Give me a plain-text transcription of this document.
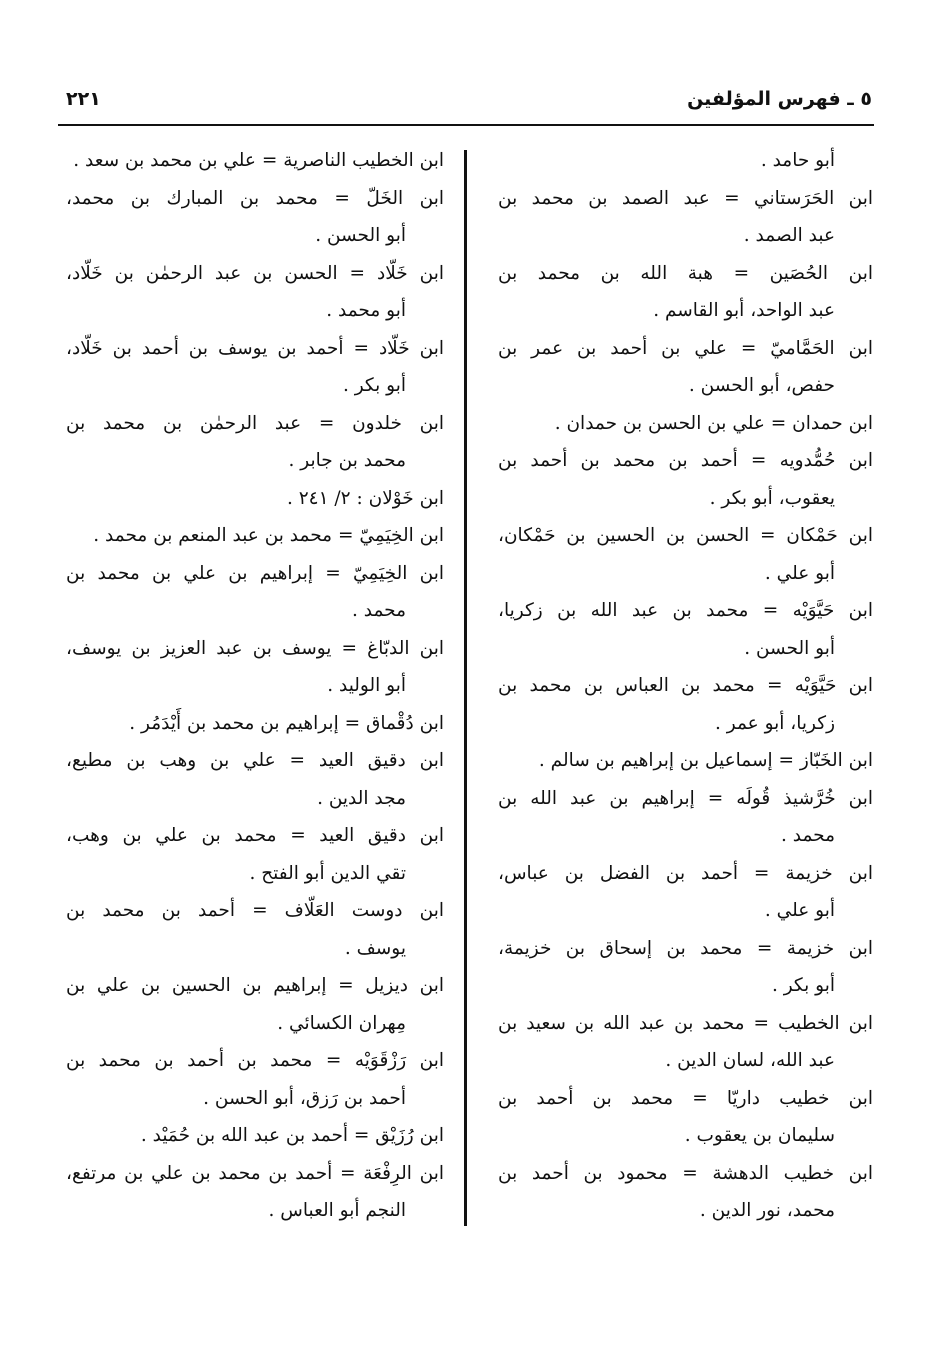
٥ ـ فهرس المؤلفين
٢٢١
أبو حامد .
ابن الحَرَستاني = عبد الصمد بن محمد بن
عبد الصمد .
ابن الحُصَين = هبة الله بن محمد بن
عبد الواحد، أبو القاسم .
ابن الحَمَّاميّ = علي بن أحمد بن عمر بن
حفص، أبو الحسن .
ابن حمدان = علي بن الحسن بن حمدان .
ابن حُمُّدويه = أحمد بن محمد بن أحمد بن
يعقوب، أبو بكر .
ابن حَمْكان = الحسن بن الحسين بن حَمْكان،
أبو علي .
ابن حَيَّوَيْه = محمد بن عبد الله بن زكريا،
أبو الحسن .
ابن حَيَّوَيْه = محمد بن العباس بن محمد بن
زكريا، أبو عمر .
ابن الخَبّاز = إسماعيل بن إبراهيم بن سالم .
ابن خُرَّشيذ قُولَه = إبراهيم بن عبد الله بن
محمد .
ابن خزيمة = أحمد بن الفضل بن عباس،
أبو علي .
ابن خزيمة = محمد بن إسحاق بن خزيمة،
أبو بكر .
ابن الخطيب = محمد بن عبد الله بن سعيد بن
عبد الله، لسان الدين .
ابن خطيب داريّا = محمد بن أحمد بن
سليمان بن يعقوب .
ابن خطيب الدهشة = محمود بن أحمد بن
محمد، نور الدين .
ابن الخطيب الناصرية = علي بن محمد بن سعد .
ابن الخَلّ = محمد بن المبارك بن محمد،
أبو الحسن .
ابن خَلّاد = الحسن بن عبد الرحمٰن بن خَلّاد،
أبو محمد .
ابن خَلّاد = أحمد بن يوسف بن أحمد بن خَلّاد،
أبو بكر .
ابن خلدون = عبد الرحمٰن بن محمد بن
محمد بن جابر .
ابن خَوْلان : ٢/ ٢٤١ .
ابن الخِيَمِيّ = محمد بن عبد المنعم بن محمد .
ابن الخِيَمِيّ = إبراهيم بن علي بن محمد بن
محمد .
ابن الدبّاغ = يوسف بن عبد العزيز بن يوسف،
أبو الوليد .
ابن دُقْماق = إبراهيم بن محمد بن أَيْدَمُر .
ابن دقيق العيد = علي بن وهب بن مطيع،
مجد الدين .
ابن دقيق العيد = محمد بن علي بن وهب،
تقي الدين أبو الفتح .
ابن دوست العَلّاف = أحمد بن محمد بن
يوسف .
ابن ديزيل = إبراهيم بن الحسين بن علي بن
مِهران الكسائي .
ابن رَزْقَوَيْه = محمد بن أحمد بن محمد بن
أحمد بن رَزق، أبو الحسن .
ابن رُزَيْق = أحمد بن عبد الله بن حُمَيْد .
ابن الرِفْعَة = أحمد بن محمد بن علي بن مرتفع،
النجم أبو العباس .
